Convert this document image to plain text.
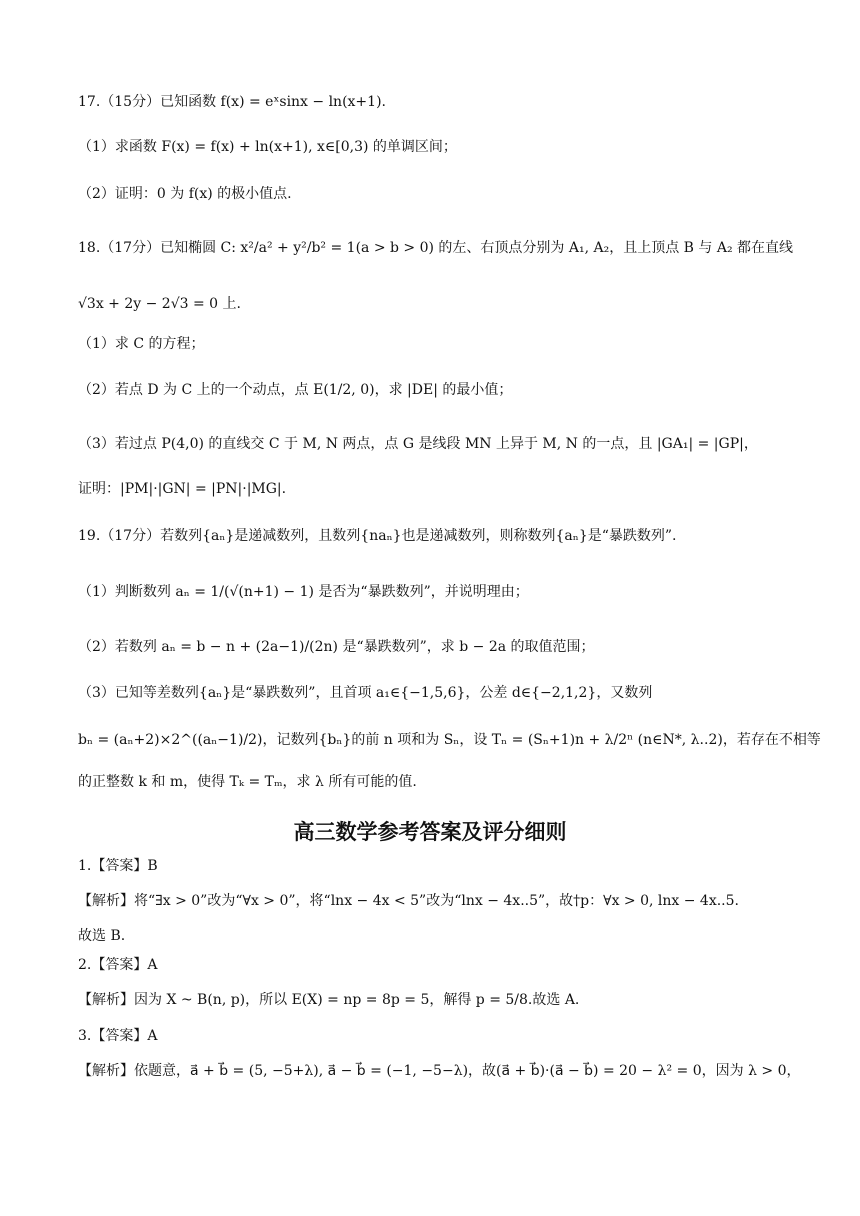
17.（15分）已知函数 f(x) = eˣsinx − ln(x+1).
（1）求函数 F(x) = f(x) + ln(x+1), x∈[0,3) 的单调区间；
（2）证明：0 为 f(x) 的极小值点.
18.（17分）已知椭圆 C: x²/a² + y²/b² = 1(a > b > 0) 的左、右顶点分别为 A₁, A₂，且上顶点 B 与 A₂ 都在直线
√3x + 2y − 2√3 = 0 上.
（1）求 C 的方程；
（2）若点 D 为 C 上的一个动点，点 E(1/2, 0)，求 |DE| 的最小值；
（3）若过点 P(4,0) 的直线交 C 于 M, N 两点，点 G 是线段 MN 上异于 M, N 的一点，且 |GA₁| = |GP|，
证明：|PM|·|GN| = |PN|·|MG|.
19.（17分）若数列{aₙ}是递减数列，且数列{naₙ}也是递减数列，则称数列{aₙ}是“暴跌数列”.
（1）判断数列 aₙ = 1/(√(n+1) − 1) 是否为“暴跌数列”，并说明理由；
（2）若数列 aₙ = b − n + (2a−1)/(2n) 是“暴跌数列”，求 b − 2a 的取值范围；
（3）已知等差数列{aₙ}是“暴跌数列”，且首项 a₁∈{−1,5,6}，公差 d∈{−2,1,2}，又数列
bₙ = (aₙ+2)×2^((aₙ−1)/2)，记数列{bₙ}的前 n 项和为 Sₙ，设 Tₙ = (Sₙ+1)n + λ/2ⁿ (n∈N*, λ..2)，若存在不相等
的正整数 k 和 m，使得 Tₖ = Tₘ，求 λ 所有可能的值.
高三数学参考答案及评分细则
1.【答案】B
【解析】将“∃x > 0”改为“∀x > 0”，将“lnx − 4x < 5”改为“lnx − 4x..5”，故†p：∀x > 0, lnx − 4x..5.
故选 B.
2.【答案】A
【解析】因为 X ~ B(n, p)，所以 E(X) = np = 8p = 5，解得 p = 5/8.故选 A.
3.【答案】A
【解析】依题意，a⃗ + b⃗ = (5, −5+λ), a⃗ − b⃗ = (−1, −5−λ)，故(a⃗ + b⃗)·(a⃗ − b⃗) = 20 − λ² = 0，因为 λ > 0，
